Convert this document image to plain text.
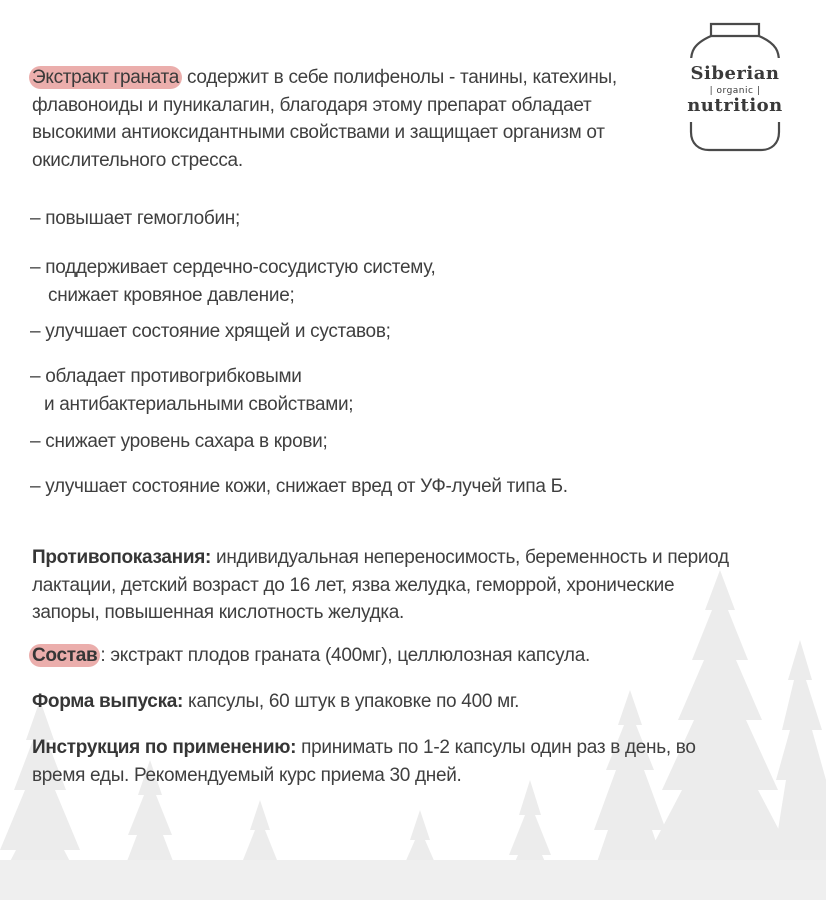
Siberian
| organic |
nutrition
Экстракт граната содержит в себе полифенолы - танины, катехины, флавоноиды и пуникалагин, благодаря этому препарат обладает высокими антиоксидантными свойствами и защищает организм от окислительного стресса.
– повышает гемоглобин;
– поддерживает сердечно-сосудистую систему,
снижает кровяное давление;
– улучшает состояние хрящей и суставов;
– обладает противогрибковыми
и антибактериальными свойствами;
– снижает уровень сахара в крови;
– улучшает состояние кожи, снижает вред от УФ-лучей типа Б.
Противопоказания: индивидуальная непереносимость, беременность и период лактации, детский возраст до 16 лет, язва желудка, геморрой, хронические запоры, повышенная кислотность желудка.
Состав : экстракт плодов граната (400мг), целлюлозная капсула.
Форма выпуска: капсулы, 60 штук в упаковке по 400 мг.
Инструкция по применению: принимать по 1-2 капсулы один раз в день, во время еды. Рекомендуемый курс приема 30 дней.
